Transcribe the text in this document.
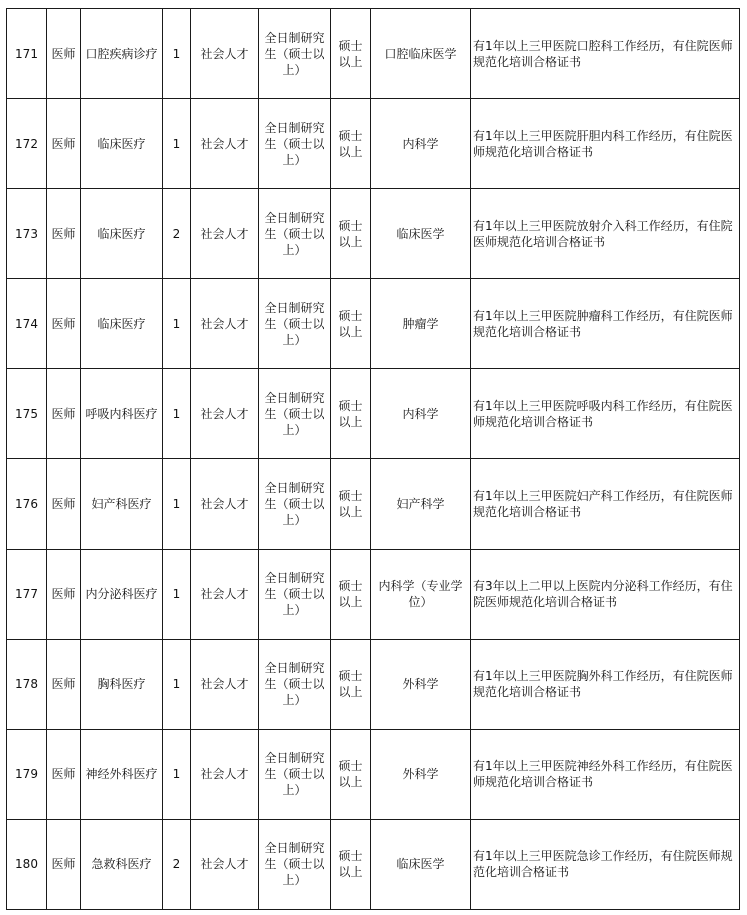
171	医师	口腔疾病诊疗	1	社会人才	全日制研究生（硕士以上）	硕士以上	口腔临床医学	有1年以上三甲医院口腔科工作经历，有住院医师规范化培训合格证书
172	医师	临床医疗	1	社会人才	全日制研究生（硕士以上）	硕士以上	内科学	有1年以上三甲医院肝胆内科工作经历，有住院医师规范化培训合格证书
173	医师	临床医疗	2	社会人才	全日制研究生（硕士以上）	硕士以上	临床医学	有1年以上三甲医院放射介入科工作经历，有住院医师规范化培训合格证书
174	医师	临床医疗	1	社会人才	全日制研究生（硕士以上）	硕士以上	肿瘤学	有1年以上三甲医院肿瘤科工作经历，有住院医师规范化培训合格证书
175	医师	呼吸内科医疗	1	社会人才	全日制研究生（硕士以上）	硕士以上	内科学	有1年以上三甲医院呼吸内科工作经历，有住院医师规范化培训合格证书
176	医师	妇产科医疗	1	社会人才	全日制研究生（硕士以上）	硕士以上	妇产科学	有1年以上三甲医院妇产科工作经历，有住院医师规范化培训合格证书
177	医师	内分泌科医疗	1	社会人才	全日制研究生（硕士以上）	硕士以上	内科学（专业学位）	有3年以上二甲以上医院内分泌科工作经历，有住院医师规范化培训合格证书
178	医师	胸科医疗	1	社会人才	全日制研究生（硕士以上）	硕士以上	外科学	有1年以上三甲医院胸外科工作经历，有住院医师规范化培训合格证书
179	医师	神经外科医疗	1	社会人才	全日制研究生（硕士以上）	硕士以上	外科学	有1年以上三甲医院神经外科工作经历，有住院医师规范化培训合格证书
180	医师	急救科医疗	2	社会人才	全日制研究生（硕士以上）	硕士以上	临床医学	有1年以上三甲医院急诊工作经历，有住院医师规范化培训合格证书
